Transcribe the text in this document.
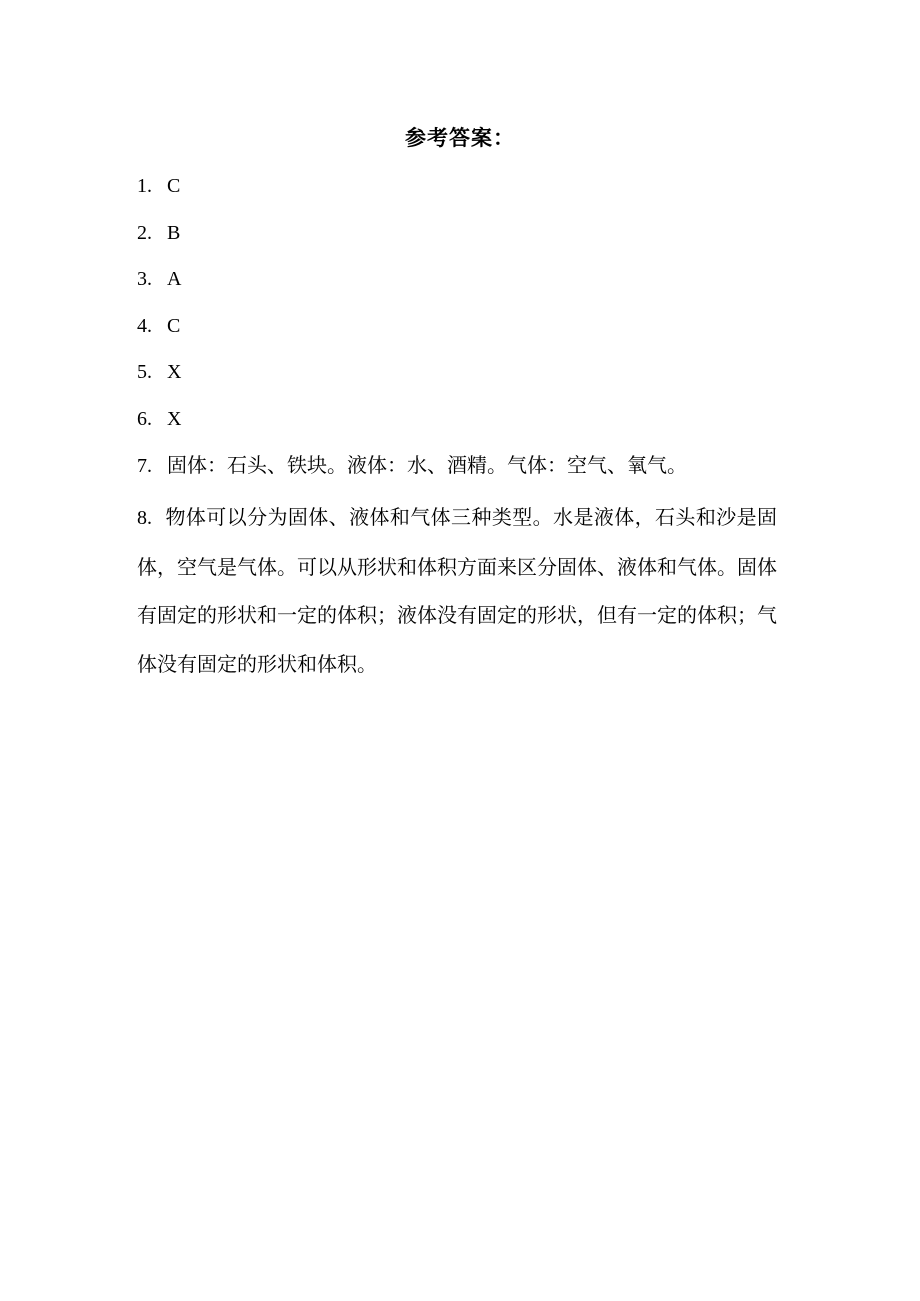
参考答案：
1. C
2. B
3. A
4. C
5. X
6. X
7. 固体：石头、铁块。液体：水、酒精。气体：空气、氧气。

8. 物体可以分为固体、液体和气体三种类型。水是液体，石头和沙是固体，空气是气体。可以从形状和体积方面来区分固体、液体和气体。固体有固定的形状和一定的体积；液体没有固定的形状，但有一定的体积；气体没有固定的形状和体积。
